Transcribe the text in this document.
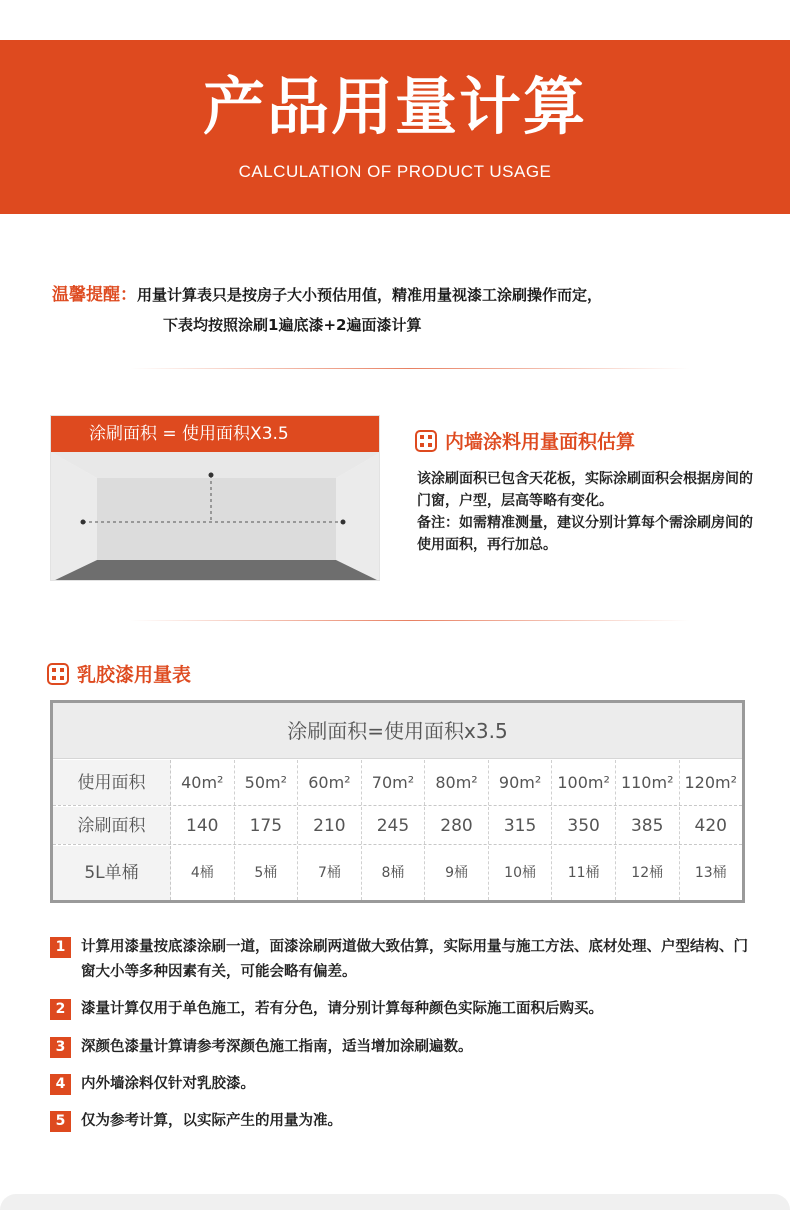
产品用量计算
CALCULATION OF PRODUCT USAGE
温馨提醒：用量计算表只是按房子大小预估用值，精准用量视漆工涂刷操作而定，
下表均按照涂刷1遍底漆+2遍面漆计算
涂刷面积 = 使用面积X3.5	内墙涂料用量面积估算
该涂刷面积已包含天花板，实际涂刷面积会根据房间的门窗，户型，层高等略有变化。
备注：如需精准测量，建议分别计算每个需涂刷房间的使用面积，再行加总。
乳胶漆用量表
涂刷面积=使用面积x3.5
使用面积	40m²	50m²	60m²	70m²	80m²	90m²	100m² 110m² 120m²
涂刷面积	140	175	210	245	280	315	350	385	420
5L单桶	4桶	5桶	7桶	8桶	9桶	10桶	11桶	12桶	13桶
1	计算用漆量按底漆涂刷一道，面漆涂刷两道做大致估算，实际用量与施工方法、底材处理、户型结构、门窗大小等多种因素有关，可能会略有偏差。
2	漆量计算仅用于单色施工，若有分色，请分别计算每种颜色实际施工面积后购买。
3	深颜色漆量计算请参考深颜色施工指南，适当增加涂刷遍数。
4	内外墙涂料仅针对乳胶漆。
5	仅为参考计算，以实际产生的用量为准。
